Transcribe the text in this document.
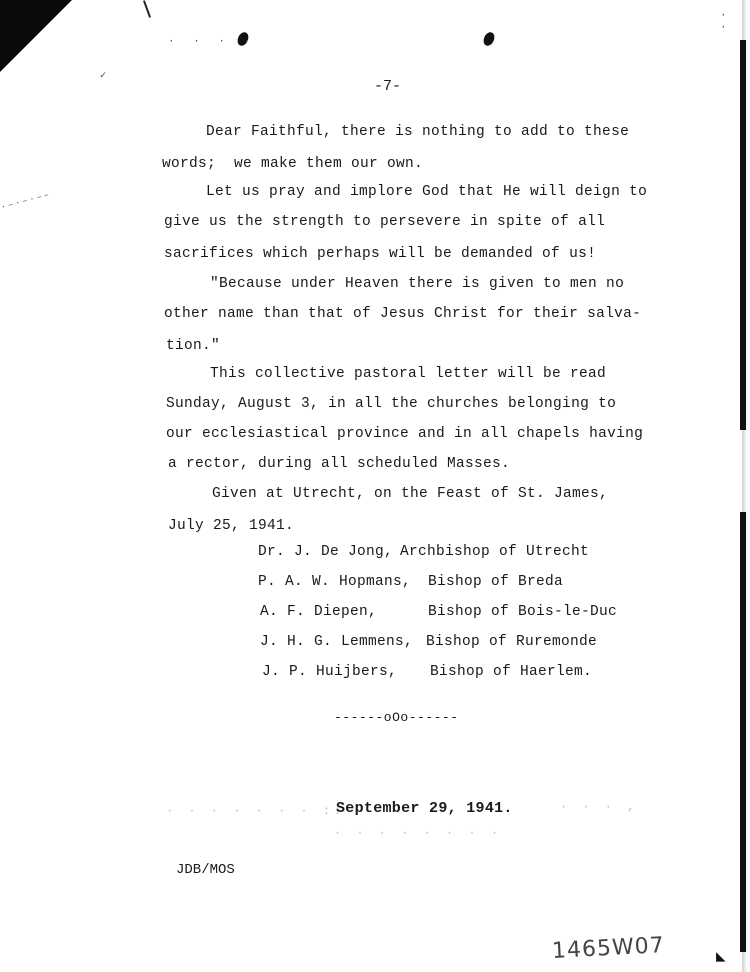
· · · ·
· ·
·–·–·––
✓
◣
-7-
Dear Faithful, there is nothing to add to these
words;  we make them our own.
Let us pray and implore God that He will deign to
give us the strength to persevere in spite of all
sacrifices which perhaps will be demanded of us!
"Because under Heaven there is given to men no
other name than that of Jesus Christ for their salva-
tion."
This collective pastoral letter will be read
Sunday, August 3, in all the churches belonging to
our ecclesiastical province and in all chapels having
a rector, during all scheduled Masses.
Given at Utrecht, on the Feast of St. James,
July 25, 1941.
Dr. J. De Jong, Archbishop of Utrecht
P. A. W. Hopmans, Bishop of Breda
A. F. Diepen,	Bishop of Bois-le-Duc
J. H. G. Lemmens, Bishop of Ruremonde
J. P. Huijbers, Bishop of Haerlem.
------oOo------
· · · · · · · ::	· · · ,
· · · · · · · ·
September 29, 1941.
JDB/MOS
1465W07
